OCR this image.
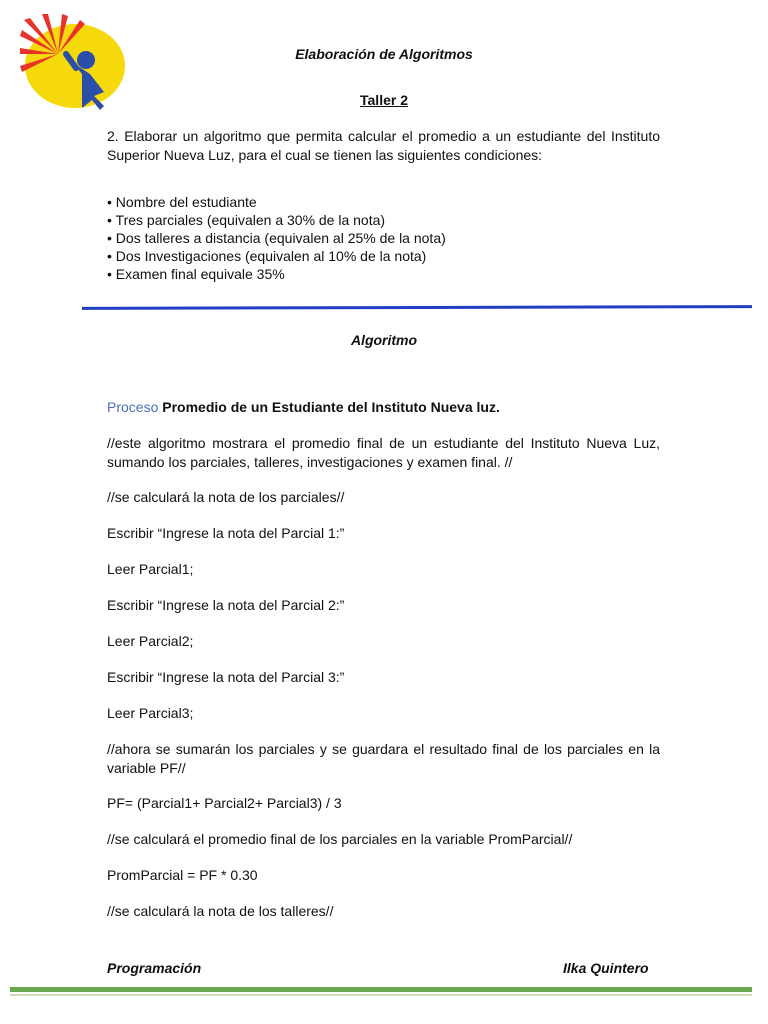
Elaboración de Algoritmos
Taller 2
2. Elaborar un algoritmo que permita calcular el promedio a un estudiante del Instituto Superior Nueva Luz, para el cual se tienen las siguientes condiciones:
• Nombre del estudiante
• Tres parciales (equivalen a 30% de la nota)
• Dos talleres a distancia (equivalen al 25% de la nota)
• Dos Investigaciones (equivalen al 10% de la nota)
• Examen final equivale 35%
Algoritmo
Proceso Promedio de un Estudiante del Instituto Nueva luz.
//este algoritmo mostrara el promedio final de un estudiante del Instituto Nueva Luz, sumando los parciales, talleres, investigaciones y examen final. //
//se calculará la nota de los parciales//
Escribir “Ingrese la nota del Parcial 1:”
Leer Parcial1;
Escribir “Ingrese la nota del Parcial 2:”
Leer Parcial2;
Escribir “Ingrese la nota del Parcial 3:”
Leer Parcial3;
//ahora se sumarán los parciales y se guardara el resultado final de los parciales en la variable PF//
PF= (Parcial1+ Parcial2+ Parcial3) / 3
//se calculará el promedio final de los parciales en la variable PromParcial//
PromParcial = PF * 0.30
//se calculará la nota de los talleres//
Programación	Ilka Quintero
